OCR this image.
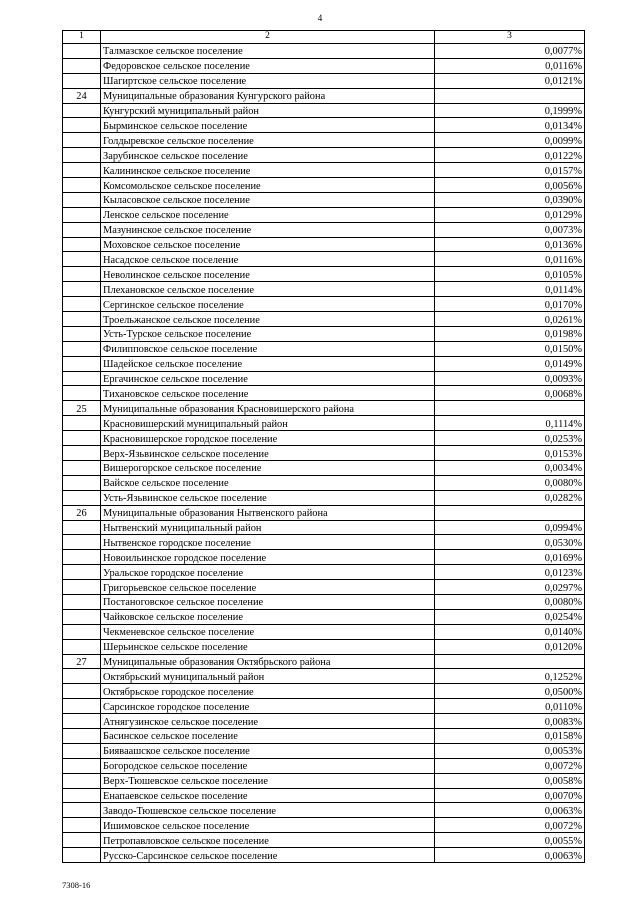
4
1	2	3
	Талмазское сельское поселение	0,0077%
	Федоровское сельское поселение	0,0116%
	Шагиртское сельское поселение	0,0121%
24	Муниципальные образования Кунгурского района	
	Кунгурский муниципальный район	0,1999%
	Бырминское сельское поселение	0,0134%
	Голдыревское сельское поселение	0,0099%
	Зарубинское сельское поселение	0,0122%
	Калининское сельское поселение	0,0157%
	Комсомольское сельское поселение	0,0056%
	Кыласовское сельское поселение	0,0390%
	Ленское сельское поселение	0,0129%
	Мазунинское сельское поселение	0,0073%
	Моховское сельское поселение	0,0136%
	Насадское сельское поселение	0,0116%
	Неволинское сельское поселение	0,0105%
	Плехановское сельское поселение	0,0114%
	Сергинское сельское поселение	0,0170%
	Троельжанское сельское поселение	0,0261%
	Усть-Турское сельское поселение	0,0198%
	Филипповское сельское поселение	0,0150%
	Шадейское сельское поселение	0,0149%
	Ергачинское сельское поселение	0,0093%
	Тихановское сельское поселение	0,0068%
25	Муниципальные образования Красновишерского района	
	Красновишерский муниципальный район	0,1114%
	Красновишерское городское поселение	0,0253%
	Верх-Язьвинское сельское поселение	0,0153%
	Вишерогорское сельское поселение	0,0034%
	Вайское сельское поселение	0,0080%
	Усть-Язьвинское сельское поселение	0,0282%
26	Муниципальные образования Нытвенского района	
	Нытвенский муниципальный район	0,0994%
	Нытвенское городское поселение	0,0530%
	Новоильинское городское поселение	0,0169%
	Уральское городское поселение	0,0123%
	Григорьевское сельское поселение	0,0297%
	Постаноговское сельское поселение	0,0080%
	Чайковское сельское поселение	0,0254%
	Чекменевское сельское поселение	0,0140%
	Шерьинское сельское поселение	0,0120%
27	Муниципальные образования Октябрьского района	
	Октябрьский муниципальный район	0,1252%
	Октябрьское городское поселение	0,0500%
	Сарсинское городское поселение	0,0110%
	Атнягузинское сельское поселение	0,0083%
	Басинское сельское поселение	0,0158%
	Бияваашское сельское поселение	0,0053%
	Богородское сельское поселение	0,0072%
	Верх-Тюшевское сельское поселение	0,0058%
	Енапаевское сельское поселение	0,0070%
	Заводо-Тюшевское сельское поселение	0,0063%
	Ишимовское сельское поселение	0,0072%
	Петропавловское сельское поселение	0,0055%
	Русско-Сарсинское сельское поселение	0,0063%
7308-16
